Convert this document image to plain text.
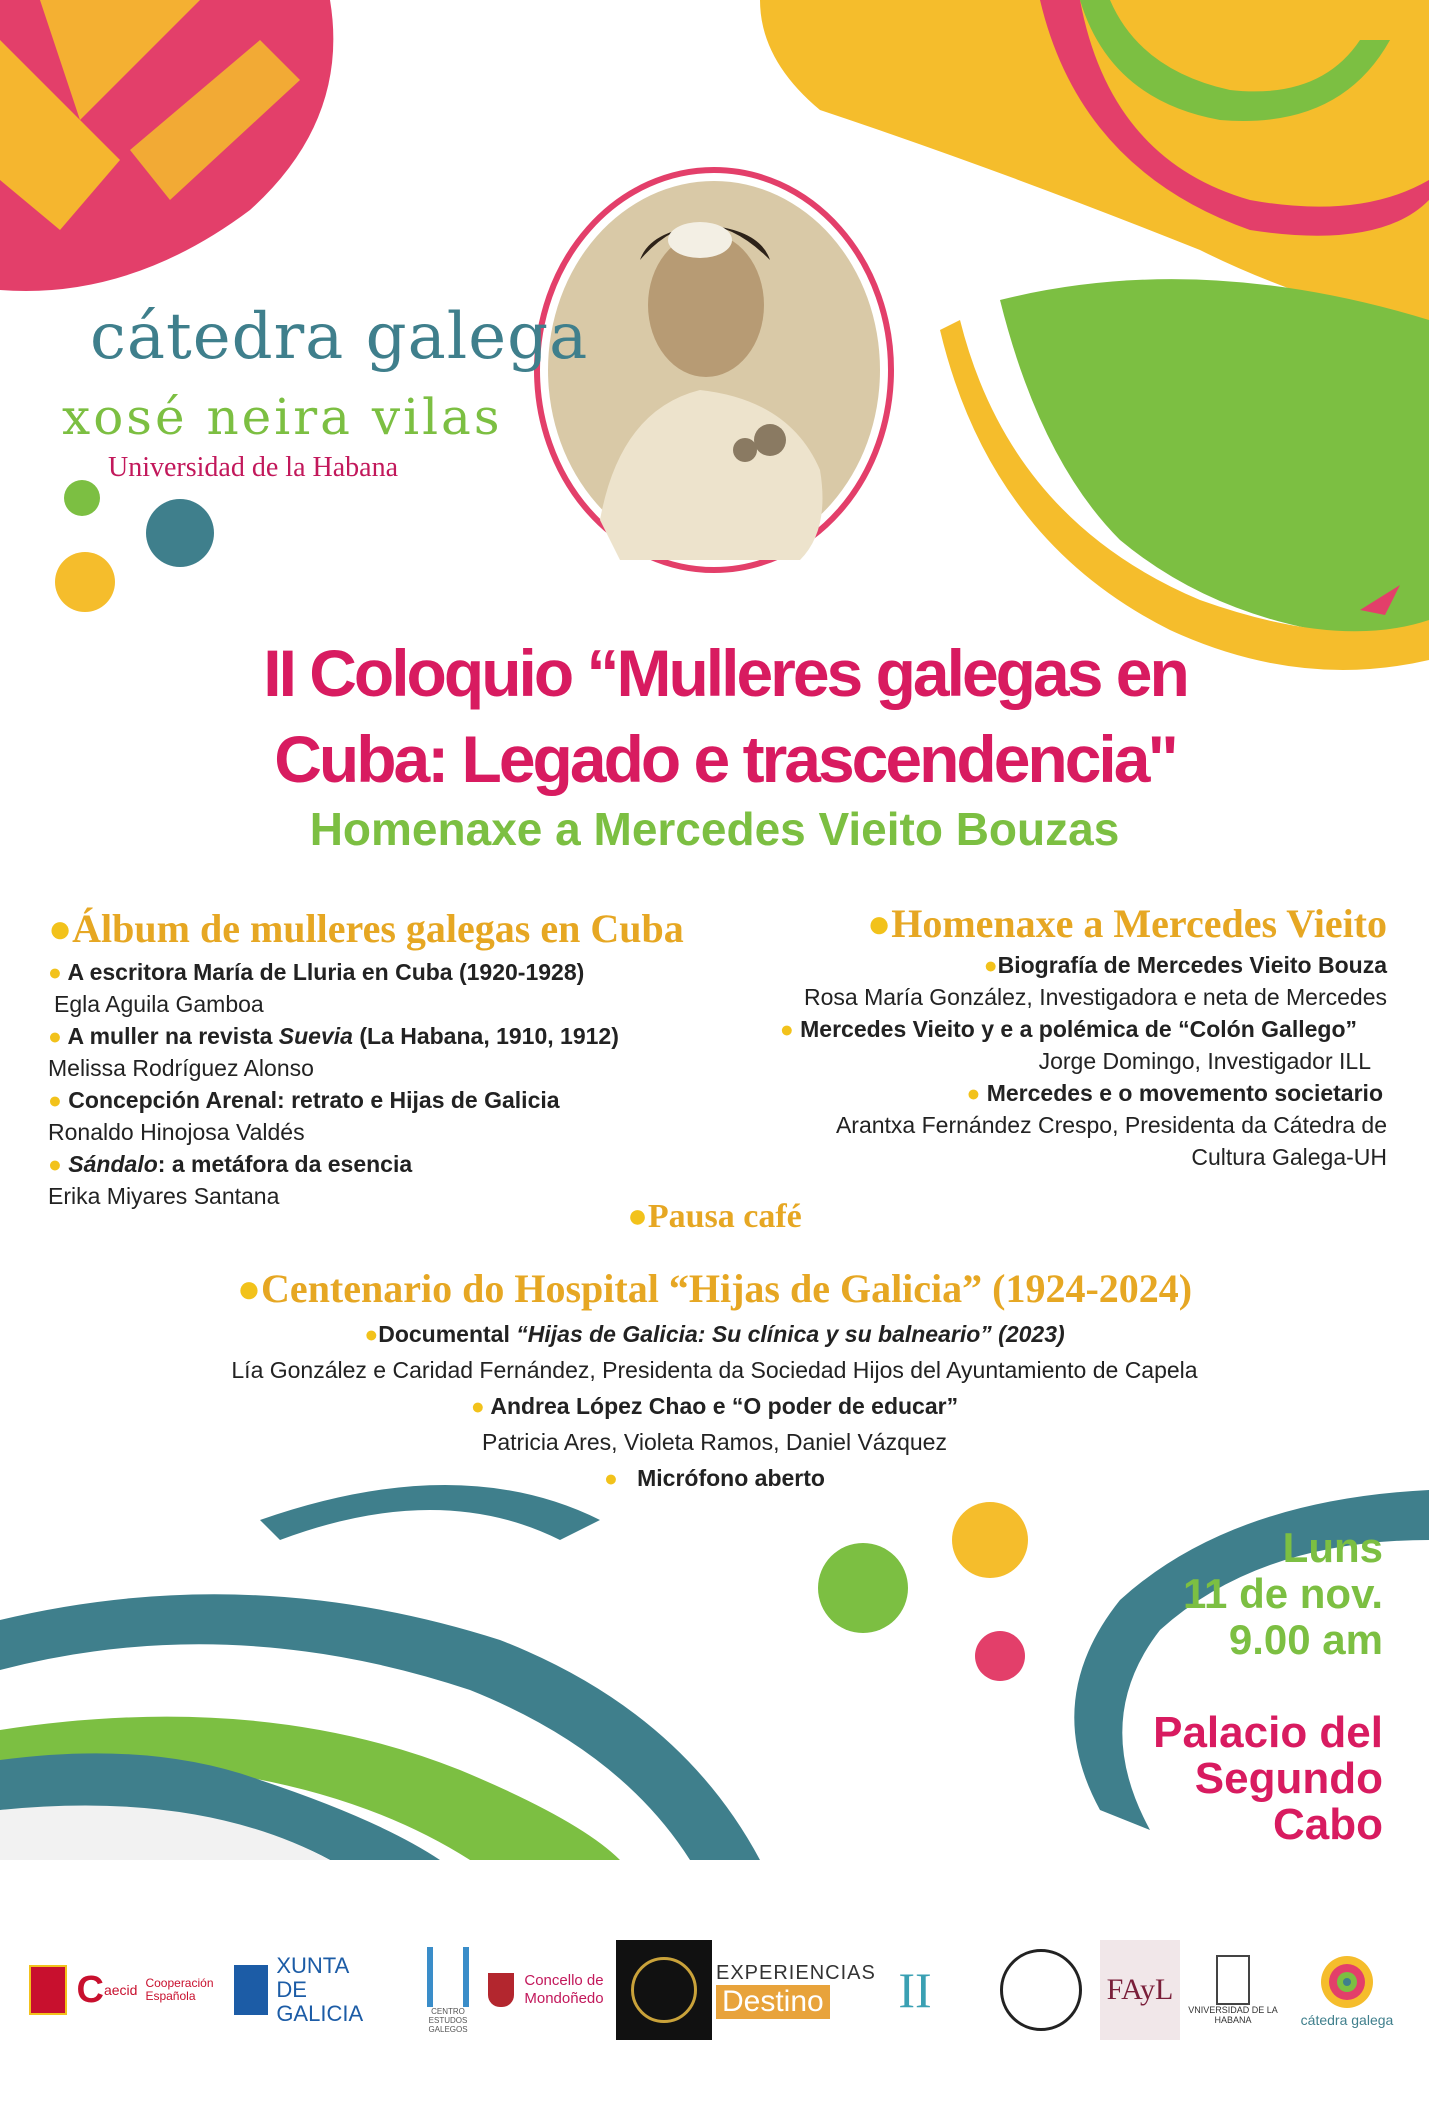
cátedra galega
xosé neira vilas
Universidad de la Habana
II Coloquio “Mulleres galegas en
Cuba: Legado e trascendencia"
Homenaxe a Mercedes Vieito Bouzas
●Álbum de mulleres galegas en Cuba
● A escritora María de Lluria en Cuba (1920-1928)
Egla Aguila Gamboa
● A muller na revista Suevia (La Habana, 1910, 1912)
Melissa Rodríguez Alonso
● Concepción Arenal: retrato e Hijas de Galicia
Ronaldo Hinojosa Valdés
● Sándalo: a metáfora da esencia
Erika Miyares Santana
●Homenaxe a Mercedes Vieito
●Biografía de Mercedes Vieito Bouza
Rosa María González, Investigadora e neta de Mercedes
● Mercedes Vieito y e a polémica de “Colón Gallego”
Jorge Domingo, Investigador ILL
● Mercedes e o movemento societario
Arantxa Fernández Crespo, Presidenta da Cátedra de
Cultura Galega-UH
●Pausa café
●Centenario do Hospital “Hijas de Galicia” (1924-2024)
●Documental “Hijas de Galicia: Su clínica y su balneario” (2023)
Lía González e Caridad Fernández, Presidenta da Sociedad Hijos del Ayuntamiento de Capela
● Andrea López Chao e “O poder de educar”
Patricia Ares, Violeta Ramos, Daniel Vázquez
●   Micrófono aberto
Luns
11 de nov.
9.00 am
Palacio del
Segundo
Cabo
C aecid Cooperación Española
XUNTA
DE GALICIA	CENTRO ESTUDOS GALEGOS
Concello de
Mondoñedo
EXPERIENCIAS
Destino II	FAyL
VNIVERSIDAD DE LA HABANA	cátedra galega
